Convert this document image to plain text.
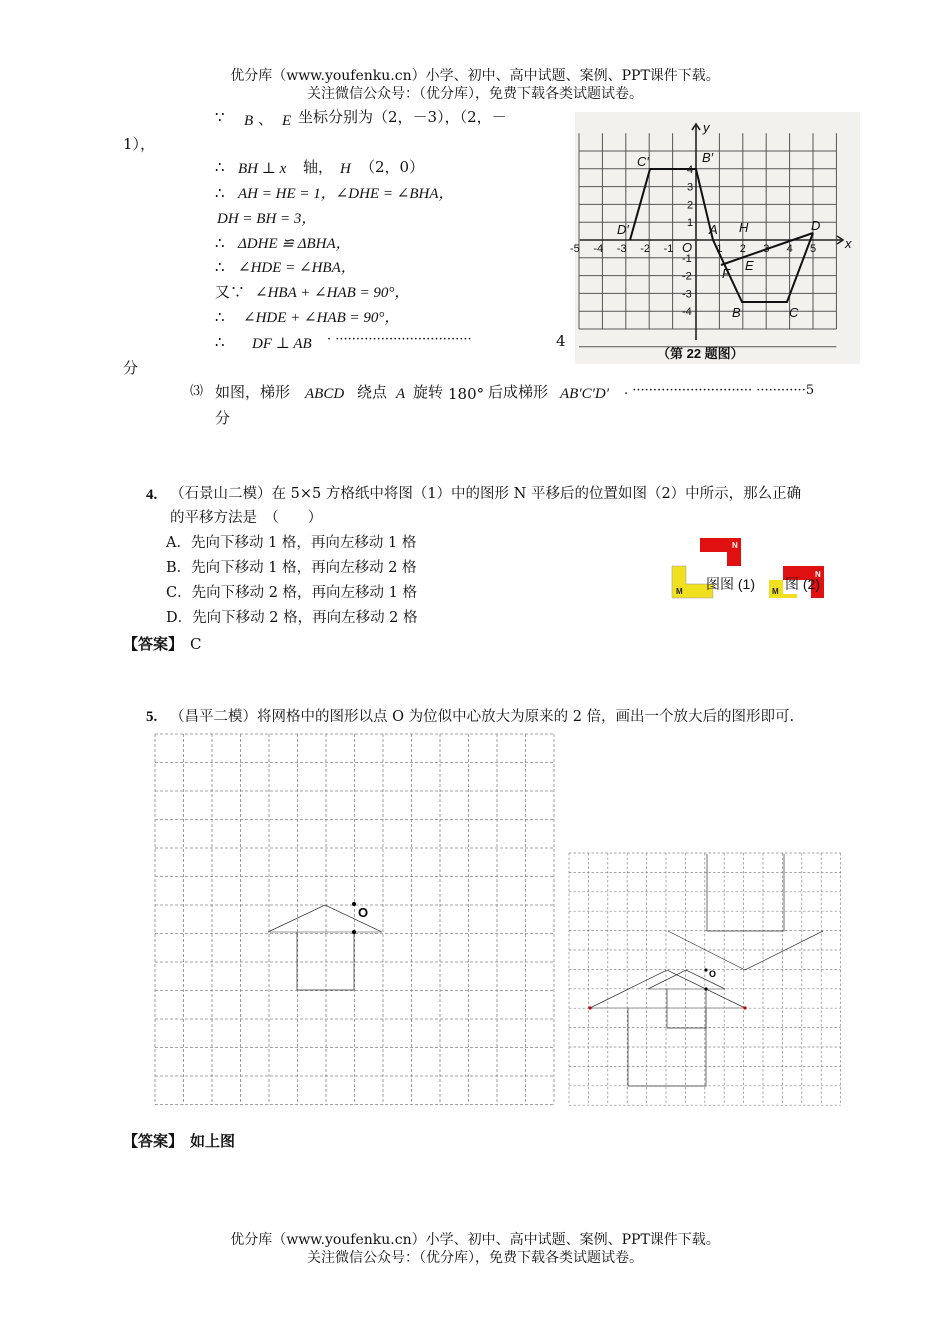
优分库（www.youfenku.cn）小学、初中、高中试题、案例、PPT课件下载。
关注微信公众号：（优分库），免费下载各类试题试卷。
∵ B 、 E 坐标分别为（2，－3），（2，－
1），
∴ BH ⊥ x 轴， H （2，0）
∴ AH = HE = 1，∠DHE = ∠BHA，
DH = BH = 3，
∴ ΔDHE ≌ ΔBHA，
∴ ∠HDE = ∠HBA，
又∵ ∠HBA + ∠HAB = 90°，
∴ ∠HDE + ∠HAB = 90°，
∴ DF ⊥ AB · ·································	4
分
⑶ 如图，梯形 ABCD 绕点 A 旋转 180° 后成梯形 AB′C′D′ . ····························· ············5
分
C′	B′
D′	A H	D
E
F
B	C
x
y
O
-5 -4 -3 -2 -1	1 2 3 4 5
4
3
2
1
-1
-2
-3
-4
（第 22 题图）
4. （石景山二模）在 5×5 方格纸中将图（1）中的图形 N 平移后的位置如图（2）中所示，那么正确
的平移方法是　（　　）
A．先向下移动 1 格，再向左移动 1 格
B．先向下移动 1 格，再向左移动 2 格
C．先向下移动 2 格，再向左移动 1 格
D．先向下移动 2 格，再向左移动 2 格
【答案】 C
N
M	M
N
图图 (1) 图 (2)
5. （昌平二模）将网格中的图形以点 O 为位似中心放大为原来的 2 倍，画出一个放大后的图形即可.
O
O
【答案】 如上图
优分库（www.youfenku.cn）小学、初中、高中试题、案例、PPT课件下载。
关注微信公众号：（优分库），免费下载各类试题试卷。
